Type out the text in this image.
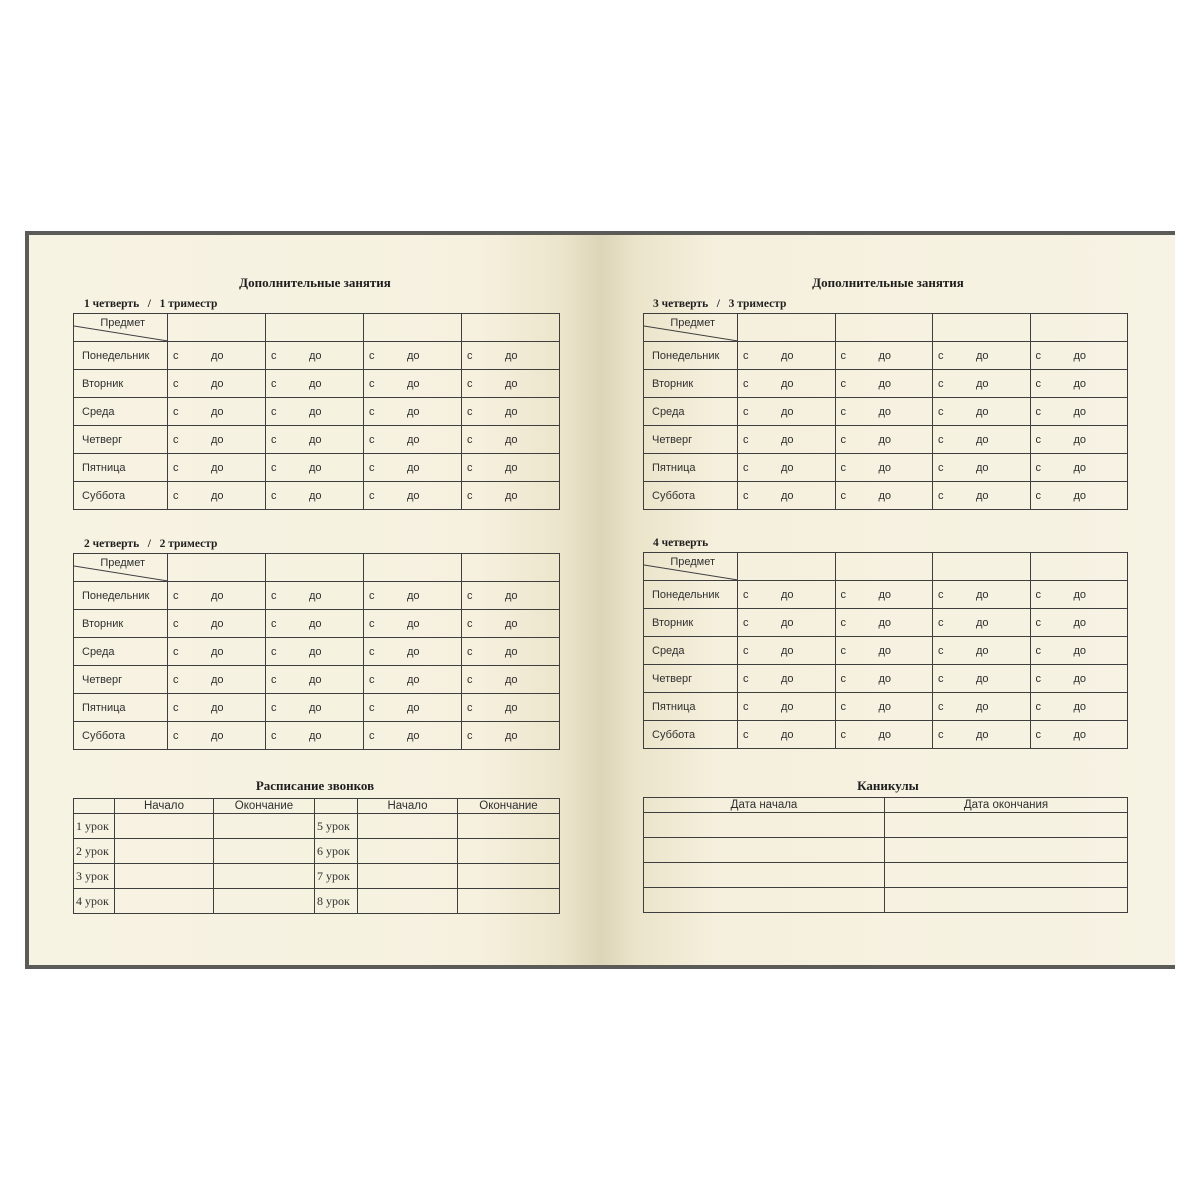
Дополнительные занятия
1 четверть   /   1 триместр
Предмет				

Понедельник	с до	с до	с до	с до

Вторник	с до	с до	с до	с до

Среда	с до	с до	с до	с до

Четверг	с до	с до	с до	с до

Пятница	с до	с до	с до	с до

Суббота	с до	с до	с до	с до
2 четверть   /   2 триместр
Предмет				

Понедельник	с до	с до	с до	с до

Вторник	с до	с до	с до	с до

Среда	с до	с до	с до	с до

Четверг	с до	с до	с до	с до

Пятница	с до	с до	с до	с до

Суббота	с до	с до	с до	с до
Расписание звонков
	Начало	Окончание		Начало	Окончание
1 урок			5 урок		
2 урок			6 урок		
3 урок			7 урок		
4 урок			8 урок		
Дополнительные занятия
3 четверть   /   3 триместр
Предмет				

Понедельник	с до	с до	с до	с до

Вторник	с до	с до	с до	с до

Среда	с до	с до	с до	с до

Четверг	с до	с до	с до	с до

Пятница	с до	с до	с до	с до

Суббота	с до	с до	с до	с до
4 четверть
Предмет				

Понедельник	с до	с до	с до	с до

Вторник	с до	с до	с до	с до

Среда	с до	с до	с до	с до

Четверг	с до	с до	с до	с до

Пятница	с до	с до	с до	с до

Суббота	с до	с до	с до	с до
Каникулы
Дата начала	Дата окончания
